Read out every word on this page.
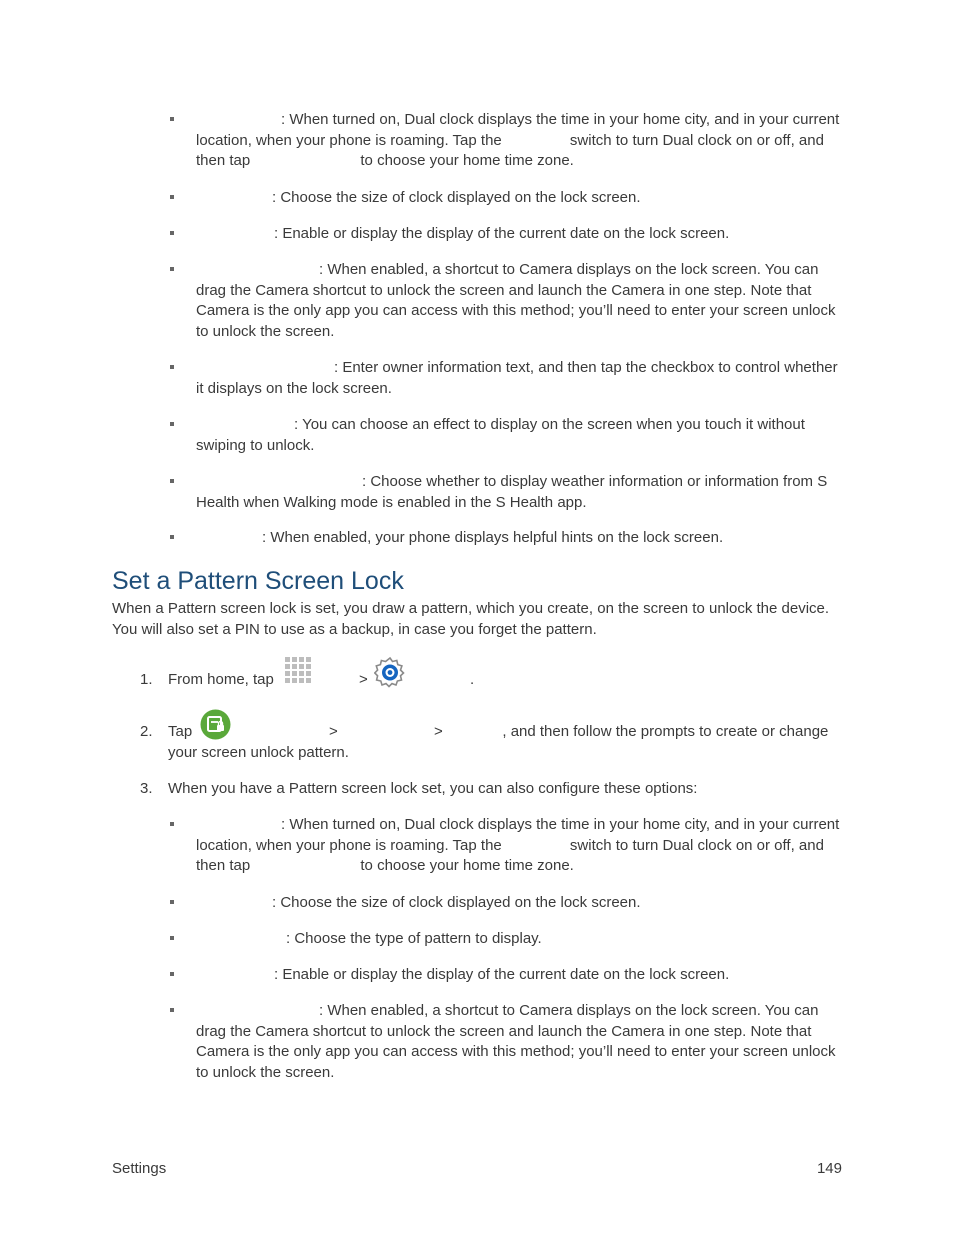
: When turned on, Dual clock displays the time in your home city, and in your current location, when your phone is roaming. Tap the	switch to turn Dual clock on or off, and then tap	to choose your home time zone.
: Choose the size of clock displayed on the lock screen.
: Enable or display the display of the current date on the lock screen.
: When enabled, a shortcut to Camera displays on the lock screen. You can drag the Camera shortcut to unlock the screen and launch the Camera in one step. Note that Camera is the only app you can access with this method; you’ll need to enter your screen unlock to unlock the screen.
: Enter owner information text, and then tap the checkbox to control whether it displays on the lock screen.
: You can choose an effect to display on the screen when you touch it without swiping to unlock.
: Choose whether to display weather information or information from S Health when Walking mode is enabled in the S Health app.
: When enabled, your phone displays helpful hints on the lock screen.
Set a Pattern Screen Lock
When a Pattern screen lock is set, you draw a pattern, which you create, on the screen to unlock the device. You will also set a PIN to use as a backup, in case you forget the pattern.
1. From home, tap	>	.
2. Tap	, and then follow the prompts to create or change your screen unlock pattern.
>	>
3. When you have a Pattern screen lock set, you can also configure these options:
: When turned on, Dual clock displays the time in your home city, and in your current location, when your phone is roaming. Tap the	switch to turn Dual clock on or off, and then tap	to choose your home time zone.
: Choose the size of clock displayed on the lock screen.
: Choose the type of pattern to display.
: Enable or display the display of the current date on the lock screen.
: When enabled, a shortcut to Camera displays on the lock screen. You can drag the Camera shortcut to unlock the screen and launch the Camera in one step. Note that Camera is the only app you can access with this method; you’ll need to enter your screen unlock to unlock the screen.
Settings	149
